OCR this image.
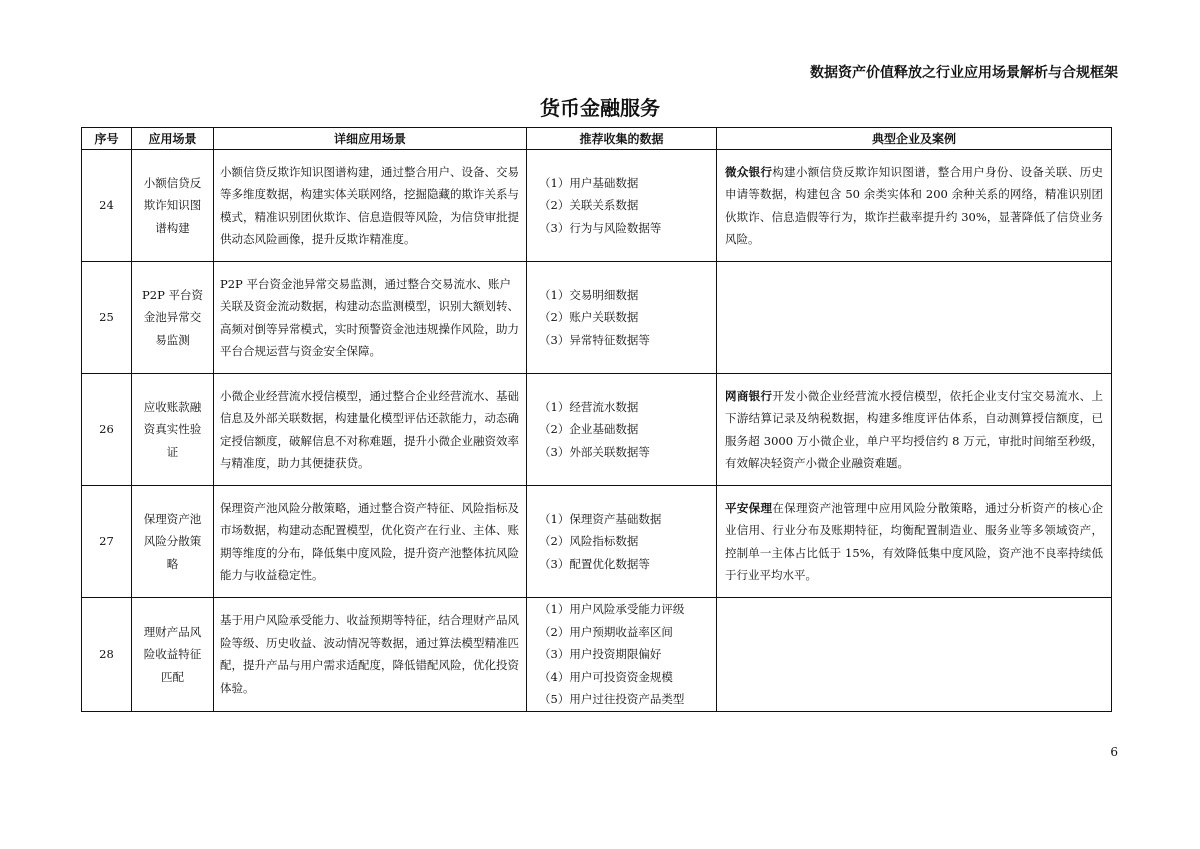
数据资产价值释放之行业应用场景解析与合规框架
货币金融服务
序号	应用场景	详细应用场景	推荐收集的数据	典型企业及案例
24	小额信贷反欺诈知识图谱构建	小额信贷反欺诈知识图谱构建，通过整合用户、设备、交易等多维度数据，构建实体关联网络，挖掘隐藏的欺诈关系与模式，精准识别团伙欺诈、信息造假等风险，为信贷审批提供动态风险画像，提升反欺诈精准度。	（1）用户基础数据
（2）关联关系数据
（3）行为与风险数据等	微众银行构建小额信贷反欺诈知识图谱，整合用户身份、设备关联、历史申请等数据，构建包含 50 余类实体和 200 余种关系的网络，精准识别团伙欺诈、信息造假等行为，欺诈拦截率提升约 30%，显著降低了信贷业务风险。
25	P2P 平台资金池异常交易监测	P2P 平台资金池异常交易监测，通过整合交易流水、账户关联及资金流动数据，构建动态监测模型，识别大额划转、高频对倒等异常模式，实时预警资金池违规操作风险，助力平台合规运营与资金安全保障。	（1）交易明细数据
（2）账户关联数据
（3）异常特征数据等	

26	应收账款融资真实性验证	小微企业经营流水授信模型，通过整合企业经营流水、基础信息及外部关联数据，构建量化模型评估还款能力，动态确定授信额度，破解信息不对称难题，提升小微企业融资效率与精准度，助力其便捷获贷。	（1）经营流水数据
（2）企业基础数据
（3）外部关联数据等	网商银行开发小微企业经营流水授信模型，依托企业支付宝交易流水、上下游结算记录及纳税数据，构建多维度评估体系，自动测算授信额度，已服务超 3000 万小微企业，单户平均授信约 8 万元，审批时间缩至秒级，有效解决轻资产小微企业融资难题。
27	保理资产池风险分散策略	保理资产池风险分散策略，通过整合资产特征、风险指标及市场数据，构建动态配置模型，优化资产在行业、主体、账期等维度的分布，降低集中度风险，提升资产池整体抗风险能力与收益稳定性。	（1）保理资产基础数据
（2）风险指标数据
（3）配置优化数据等	平安保理在保理资产池管理中应用风险分散策略，通过分析资产的核心企业信用、行业分布及账期特征，均衡配置制造业、服务业等多领域资产，控制单一主体占比低于 15%，有效降低集中度风险，资产池不良率持续低于行业平均水平。
28	理财产品风险收益特征匹配	基于用户风险承受能力、收益预期等特征，结合理财产品风险等级、历史收益、波动情况等数据，通过算法模型精准匹配，提升产品与用户需求适配度，降低错配风险，优化投资体验。	（1）用户风险承受能力评级
（2）用户预期收益率区间
（3）用户投资期限偏好
（4）用户可投资资金规模
（5）用户过往投资产品类型	

6
